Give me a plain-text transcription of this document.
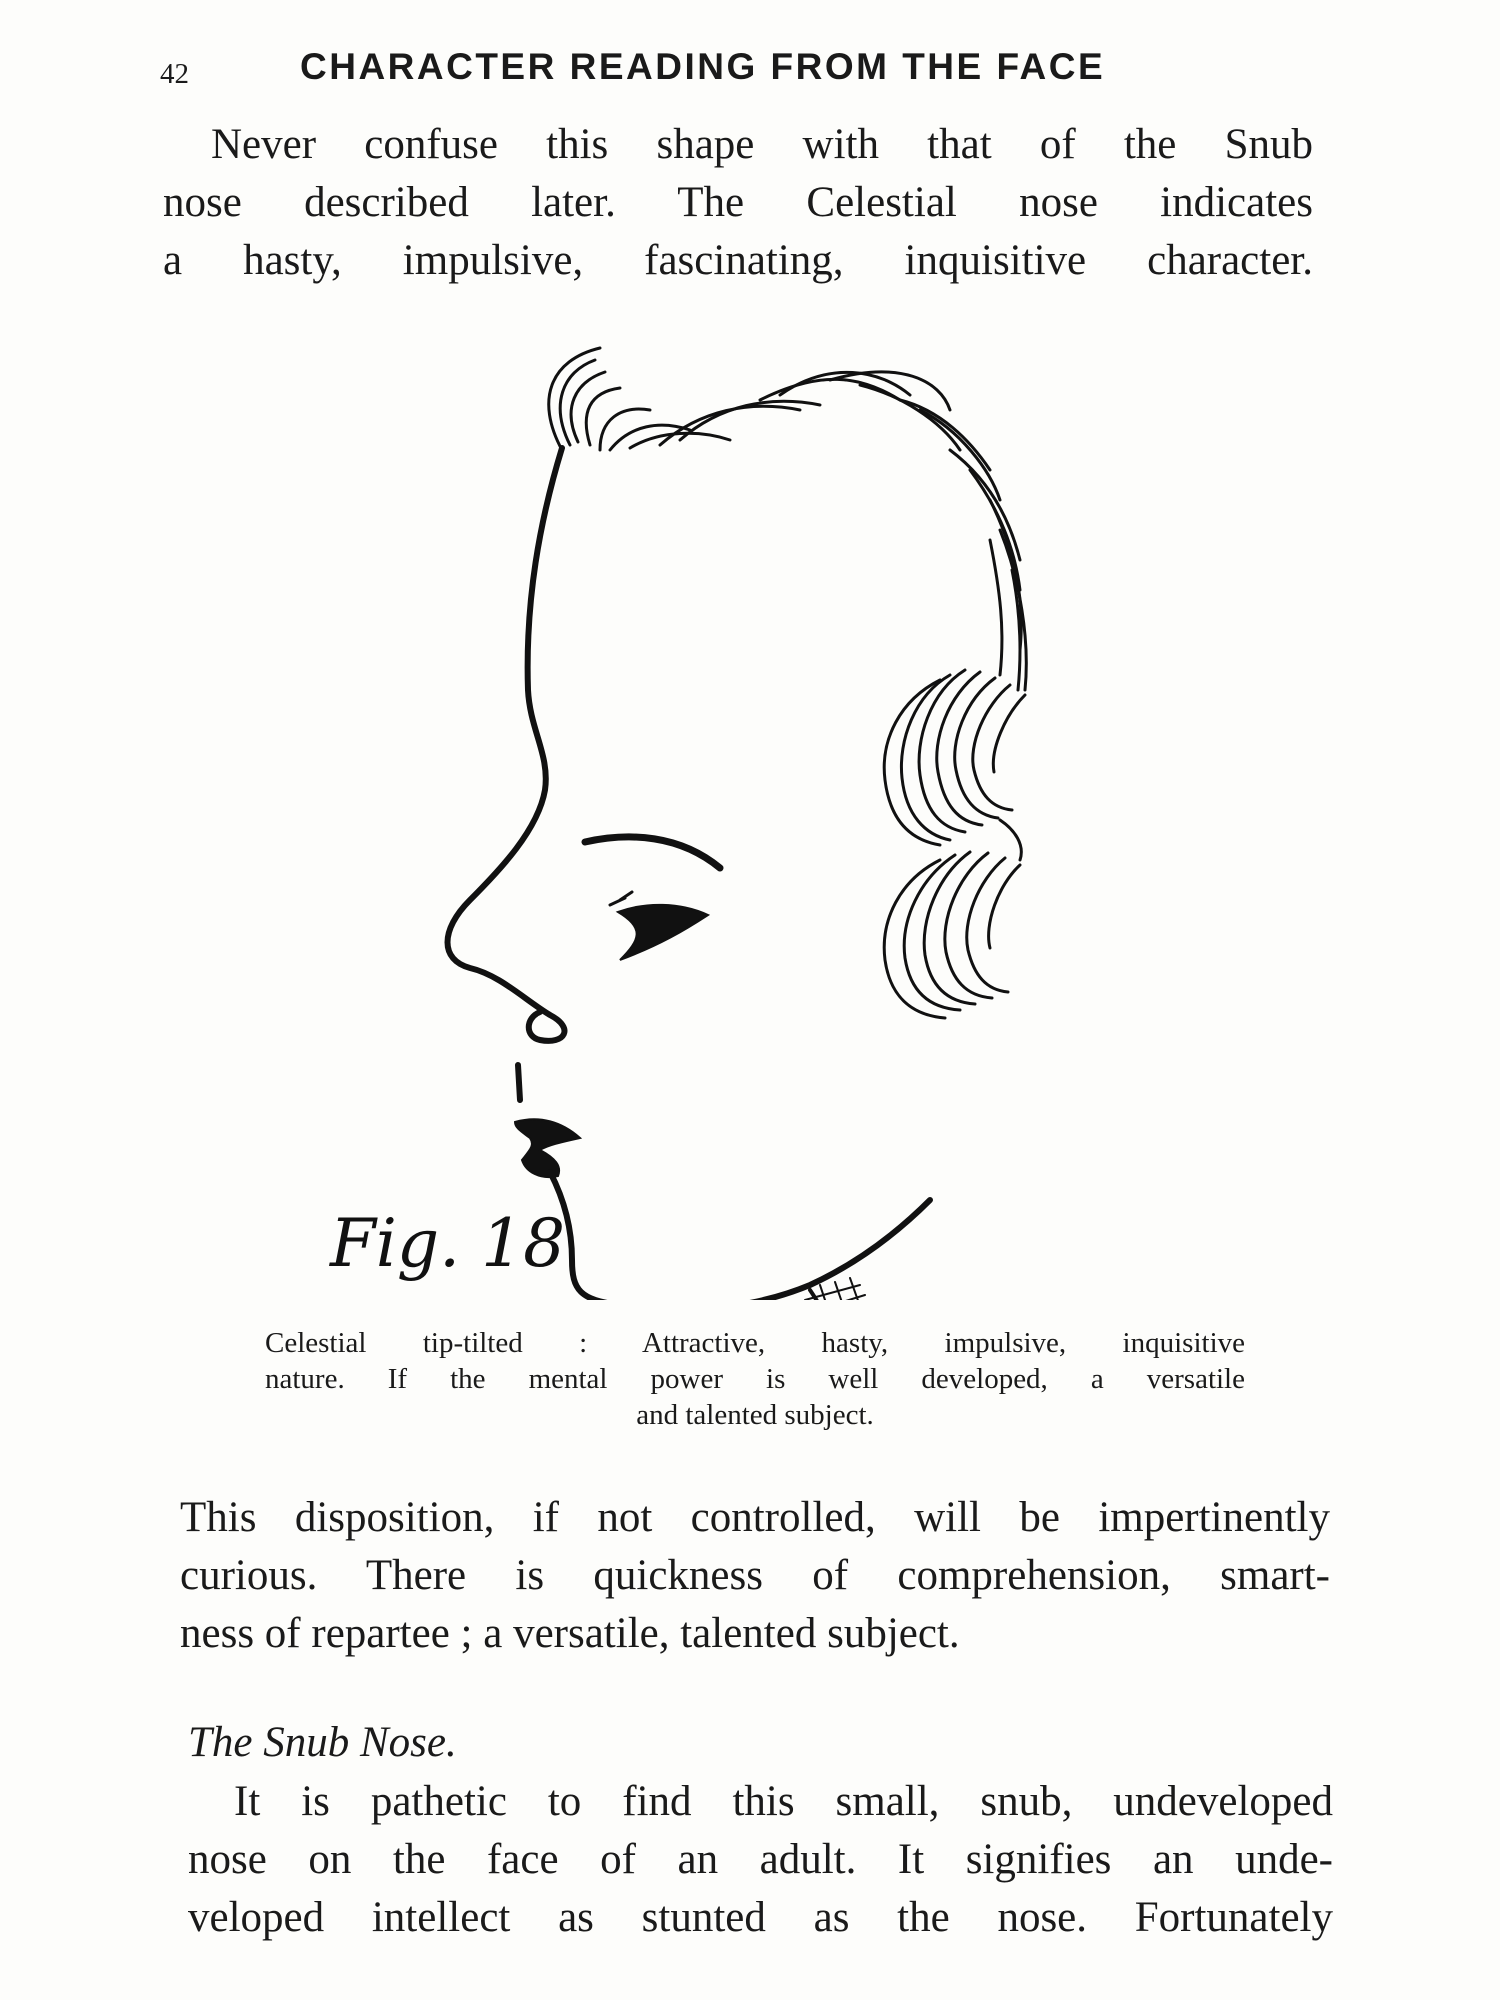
42	CHARACTER READING FROM THE FACE
Never confuse this shape with that of the Snub
nose described later. The Celestial nose indicates
a hasty, impulsive, fascinating, inquisitive character.
Fig. 18
Celestial tip-tilted : Attractive, hasty, impulsive, inquisitive
nature. If the mental power is well developed, a versatile
and talented subject.
This disposition, if not controlled, will be impertinently
curious. There is quickness of comprehension, smart-
ness of repartee ; a versatile, talented subject.
The Snub Nose.
It is pathetic to find this small, snub, undeveloped
nose on the face of an adult. It signifies an unde-
veloped intellect as stunted as the nose. Fortunately
